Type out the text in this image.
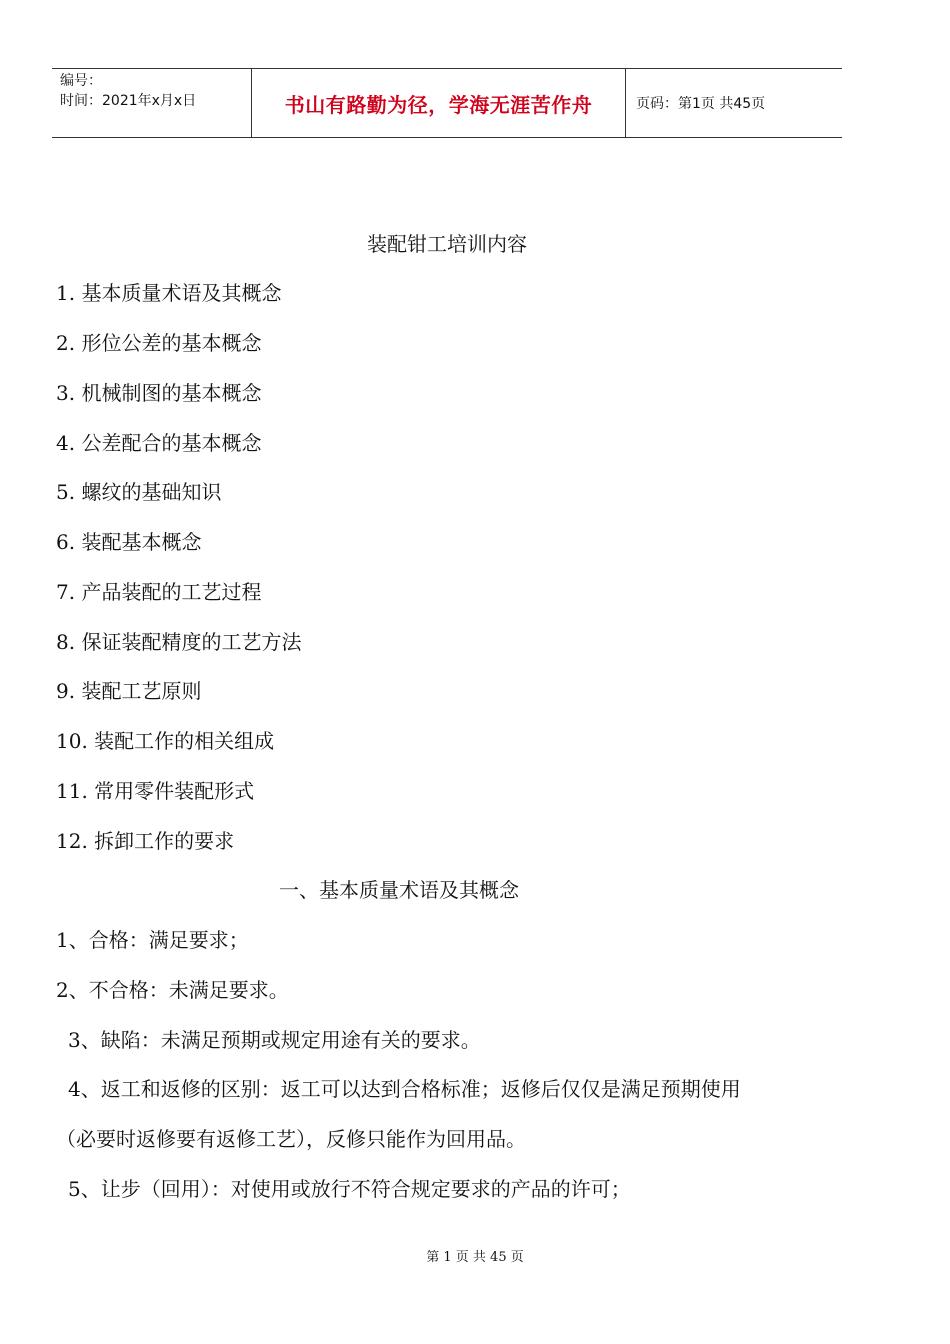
编号：
时间：2021年x月x日	书山有路勤为径，学海无涯苦作舟	页码：第1页 共45页
装配钳工培训内容
1. 基本质量术语及其概念
2. 形位公差的基本概念
3. 机械制图的基本概念
4. 公差配合的基本概念
5. 螺纹的基础知识
6. 装配基本概念
7. 产品装配的工艺过程
8. 保证装配精度的工艺方法
9. 装配工艺原则
10. 装配工作的相关组成
11. 常用零件装配形式
12. 拆卸工作的要求
一、基本质量术语及其概念
1、合格：满足要求；
2、不合格：未满足要求。
3、缺陷：未满足预期或规定用途有关的要求。
4、返工和返修的区别：返工可以达到合格标准；返修后仅仅是满足预期使用
（必要时返修要有返修工艺），反修只能作为回用品。
5、让步（回用）：对使用或放行不符合规定要求的产品的许可；
第 1 页 共 45 页
